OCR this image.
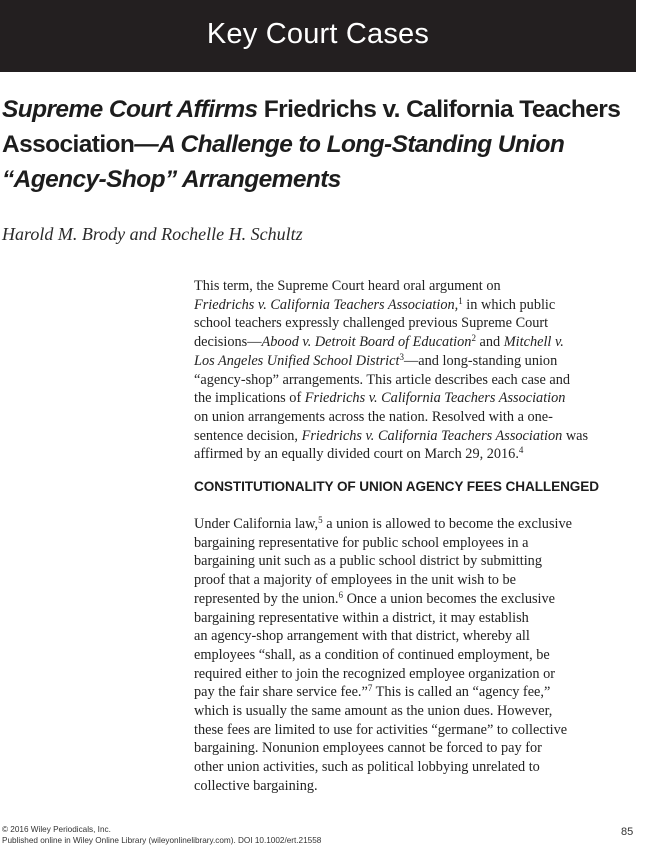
Key Court Cases
Supreme Court Affirms Friedrichs v. California Teachers
Association—A Challenge to Long-Standing Union
“Agency-Shop” Arrangements

Harold M. Brody and Rochelle H. Schultz

This term, the Supreme Court heard oral argument on
Friedrichs v. California Teachers Association,$^1$ in which public
school teachers expressly challenged previous Supreme Court
decisions—Abood v. Detroit Board of Education$^2$ and Mitchell v.
Los Angeles Unified School District$^3$—and long-standing union
“agency-shop” arrangements. This article describes each case and
the implications of Friedrichs v. California Teachers Association
on union arrangements across the nation. Resolved with a one-
sentence decision, Friedrichs v. California Teachers Association was
affirmed by an equally divided court on March 29, 2016.$^4$
CONSTITUTIONALITY OF UNION AGENCY FEES CHALLENGED
Under California law,$^5$ a union is allowed to become the exclusive
bargaining representative for public school employees in a
bargaining unit such as a public school district by submitting
proof that a majority of employees in the unit wish to be
represented by the union.$^6$ Once a union becomes the exclusive
bargaining representative within a district, it may establish
an agency-shop arrangement with that district, whereby all
employees “shall, as a condition of continued employment, be
required either to join the recognized employee organization or
pay the fair share service fee.”$^7$ This is called an “agency fee,”
which is usually the same amount as the union dues. However,
these fees are limited to use for activities “germane” to collective
bargaining. Nonunion employees cannot be forced to pay for
other union activities, such as political lobbying unrelated to
collective bargaining.
© 2016 Wiley Periodicals, Inc.
Published online in Wiley Online Library (wileyonlinelibrary.com). DOI 10.1002/ert.21558
85
